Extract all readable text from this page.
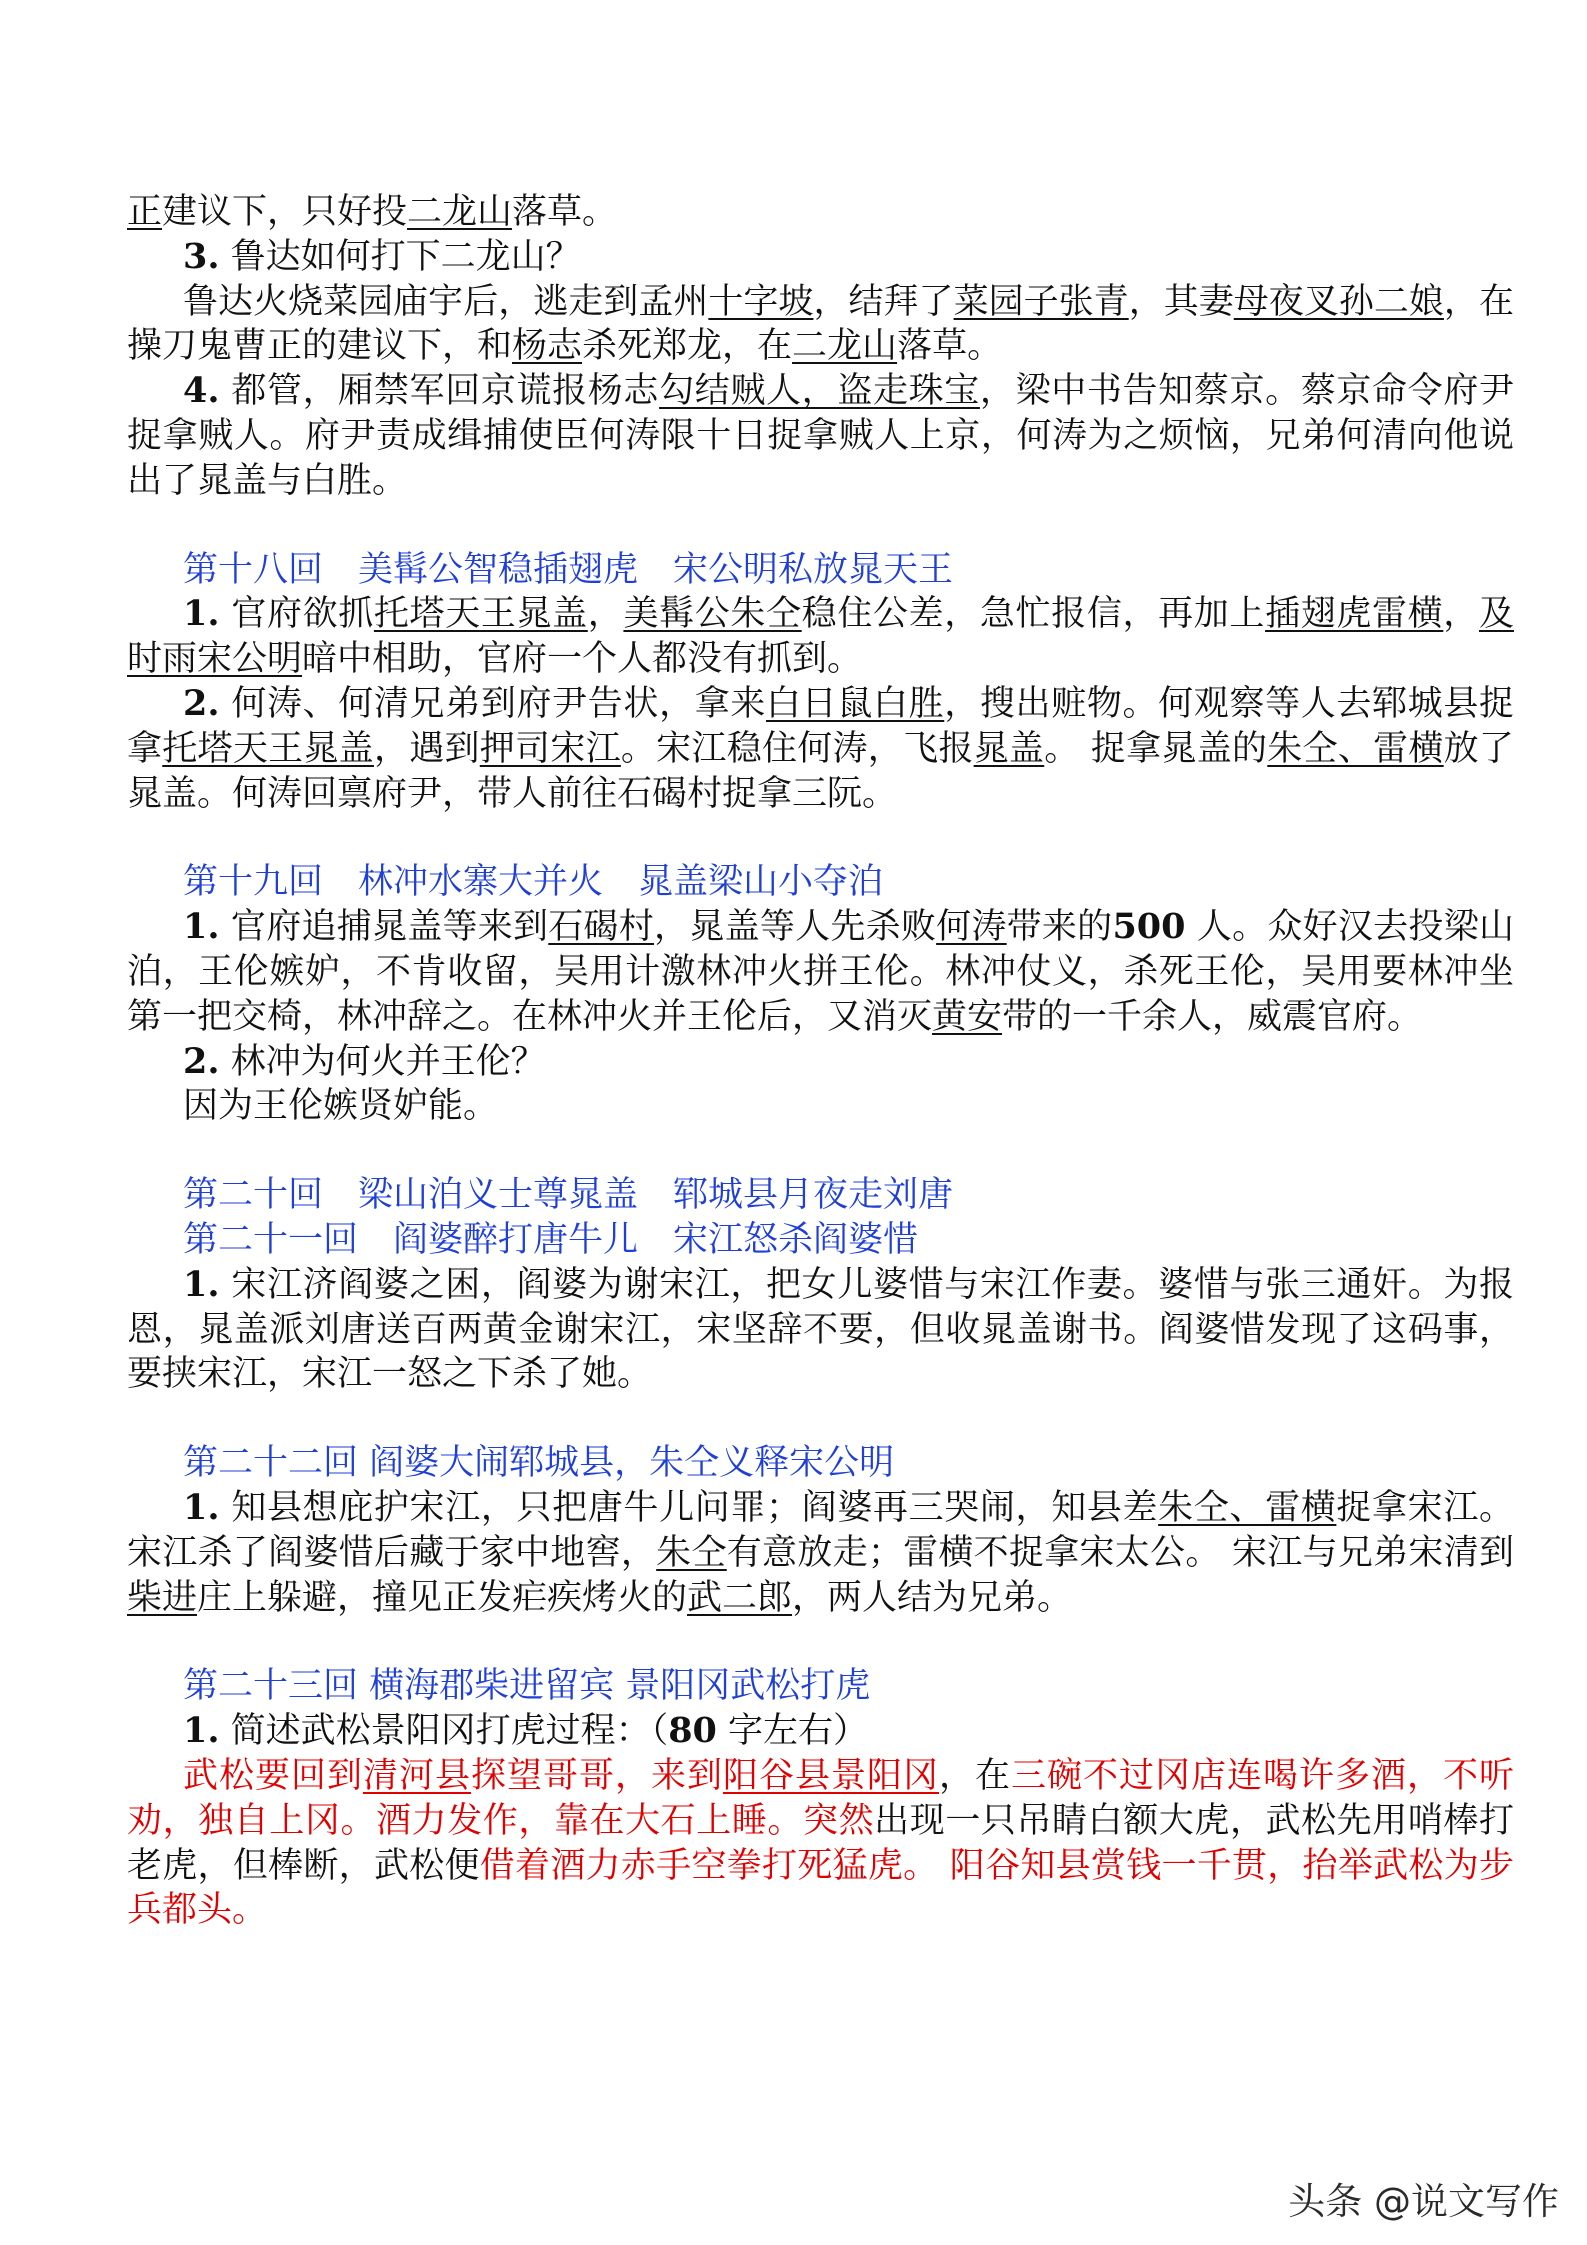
正建议下，只好投二龙山落草。

3. 鲁达如何打下二龙山？

鲁达火烧菜园庙宇后，逃走到孟州十字坡，结拜了菜园子张青，其妻母夜叉孙二娘，在操刀鬼曹正的建议下，和杨志杀死郑龙，在二龙山落草。

4. 都管，厢禁军回京谎报杨志勾结贼人，盗走珠宝，梁中书告知蔡京。蔡京命令府尹捉拿贼人。府尹责成缉捕使臣何涛限十日捉拿贼人上京，何涛为之烦恼，兄弟何清向他说出了晁盖与白胜。

第十八回　美髯公智稳插翅虎　宋公明私放晁天王

1. 官府欲抓托塔天王晁盖，美髯公朱仝稳住公差，急忙报信，再加上插翅虎雷横，及时雨宋公明暗中相助，官府一个人都没有抓到。

2. 何涛、何清兄弟到府尹告状，拿来白日鼠白胜，搜出赃物。何观察等人去郓城县捉拿托塔天王晁盖，遇到押司宋江。宋江稳住何涛，飞报晁盖。 捉拿晁盖的朱仝、雷横放了晁盖。何涛回禀府尹，带人前往石碣村捉拿三阮。

第十九回　林冲水寨大并火　晁盖梁山小夺泊

1. 官府追捕晁盖等来到石碣村，晁盖等人先杀败何涛带来的500 人。众好汉去投梁山泊，王伦嫉妒，不肯收留，吴用计激林冲火拼王伦。林冲仗义，杀死王伦，吴用要林冲坐第一把交椅，林冲辞之。在林冲火并王伦后，又消灭黄安带的一千余人，威震官府。

2. 林冲为何火并王伦？

因为王伦嫉贤妒能。

第二十回　梁山泊义士尊晁盖　郓城县月夜走刘唐

第二十一回　阎婆醉打唐牛儿　宋江怒杀阎婆惜

1. 宋江济阎婆之困，阎婆为谢宋江，把女儿婆惜与宋江作妻。婆惜与张三通奸。为报恩，晁盖派刘唐送百两黄金谢宋江，宋坚辞不要，但收晁盖谢书。阎婆惜发现了这码事，要挟宋江，宋江一怒之下杀了她。

第二十二回 阎婆大闹郓城县，朱仝义释宋公明

1. 知县想庇护宋江，只把唐牛儿问罪；阎婆再三哭闹，知县差朱仝、雷横捉拿宋江。宋江杀了阎婆惜后藏于家中地窖，朱仝有意放走；雷横不捉拿宋太公。 宋江与兄弟宋清到柴进庄上躲避，撞见正发疟疾烤火的武二郎，两人结为兄弟。

第二十三回 横海郡柴进留宾 景阳冈武松打虎

1. 简述武松景阳冈打虎过程：（80 字左右）

武松要回到清河县探望哥哥，来到阳谷县景阳冈，在三碗不过冈店连喝许多酒，不听劝，独自上冈。酒力发作，靠在大石上睡。突然出现一只吊睛白额大虎，武松先用哨棒打老虎，但棒断，武松便借着酒力赤手空拳打死猛虎。 阳谷知县赏钱一千贯，抬举武松为步兵都头。

头条 @说文写作
